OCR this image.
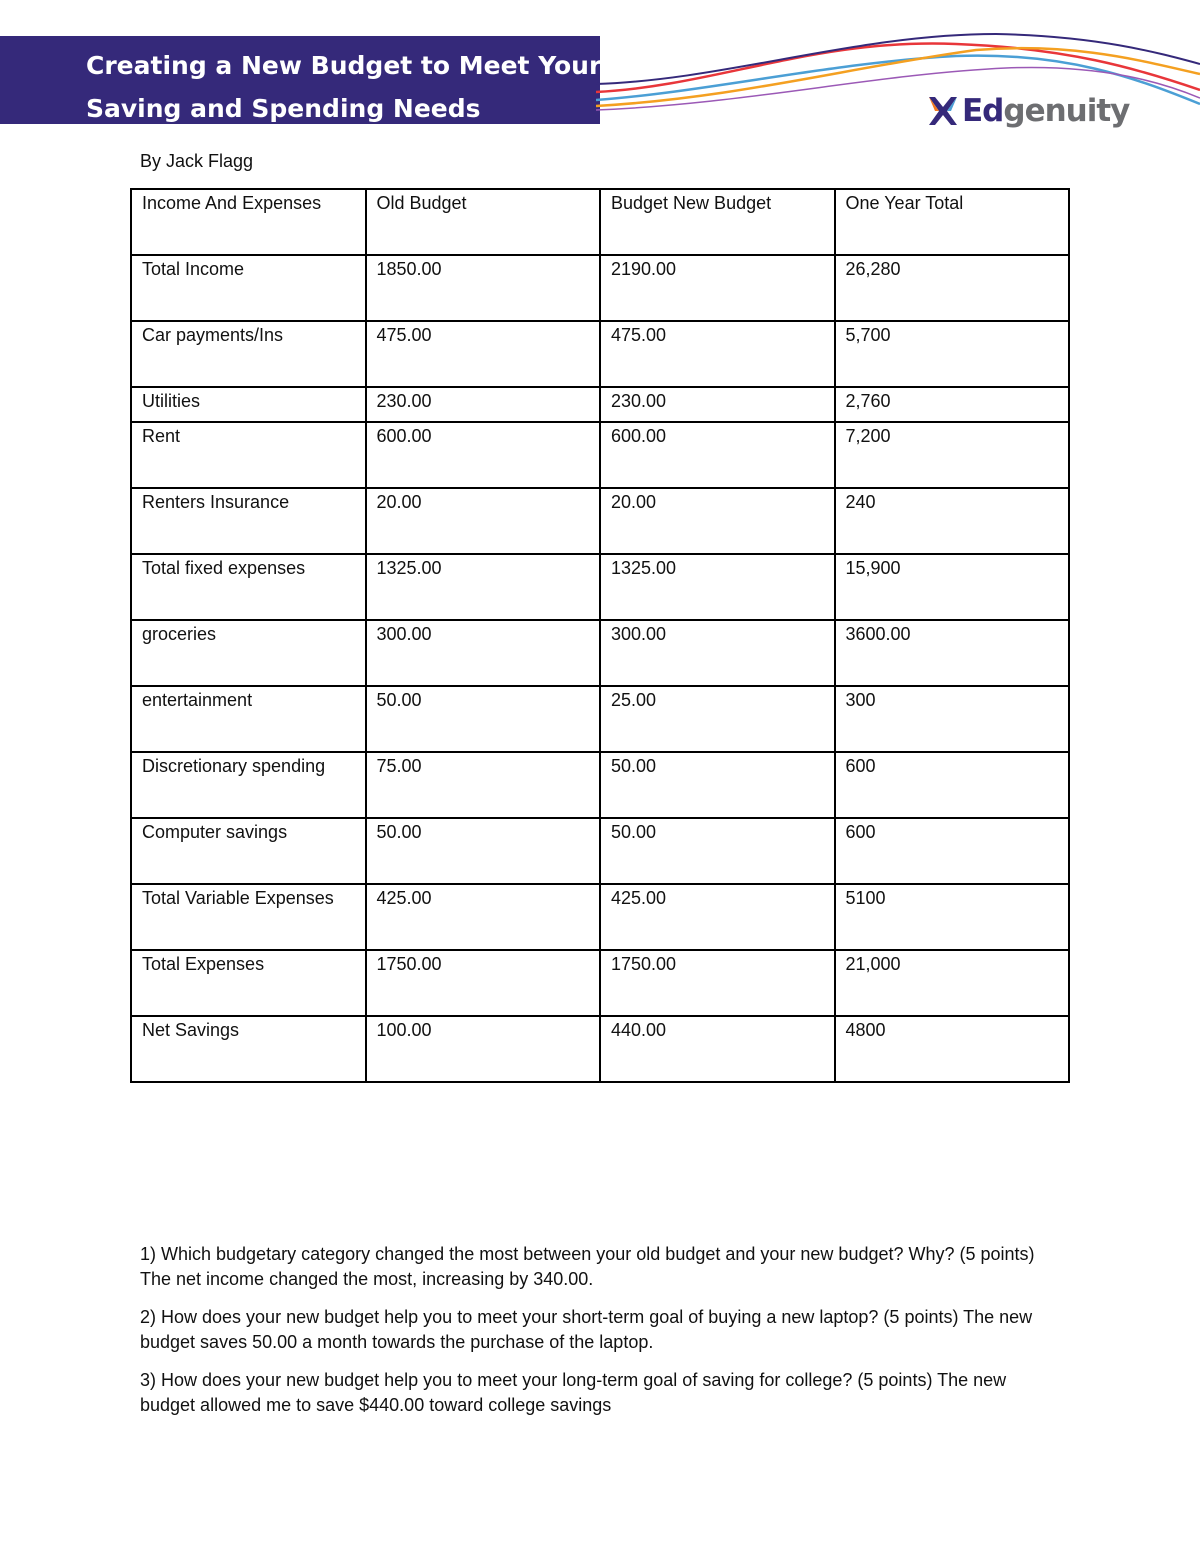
Creating a New Budget to Meet Your
Saving and Spending Needs	Edgenuity
By Jack Flagg
Income And Expenses	Old Budget	Budget New Budget	One Year Total
Total Income	1850.00	2190.00	26,280
Car payments/Ins	475.00	475.00	5,700
Utilities	230.00	230.00	2,760
Rent	600.00	600.00	7,200
Renters Insurance	20.00	20.00	240
Total fixed expenses	1325.00	1325.00	15,900
groceries	300.00	300.00	3600.00
entertainment	50.00	25.00	300
Discretionary spending	75.00	50.00	600
Computer savings	50.00	50.00	600
Total Variable Expenses	425.00	425.00	5100
Total Expenses	1750.00	1750.00	21,000
Net Savings	100.00	440.00	4800

1) Which budgetary category changed the most between your old budget and your new budget? Why? (5 points) The net income changed the most, increasing by 340.00.

2) How does your new budget help you to meet your short-term goal of buying a new laptop? (5 points) The new budget saves 50.00 a month towards the purchase of the laptop.

3) How does your new budget help you to meet your long-term goal of saving for college? (5 points) The new budget allowed me to save $440.00 toward college savings
